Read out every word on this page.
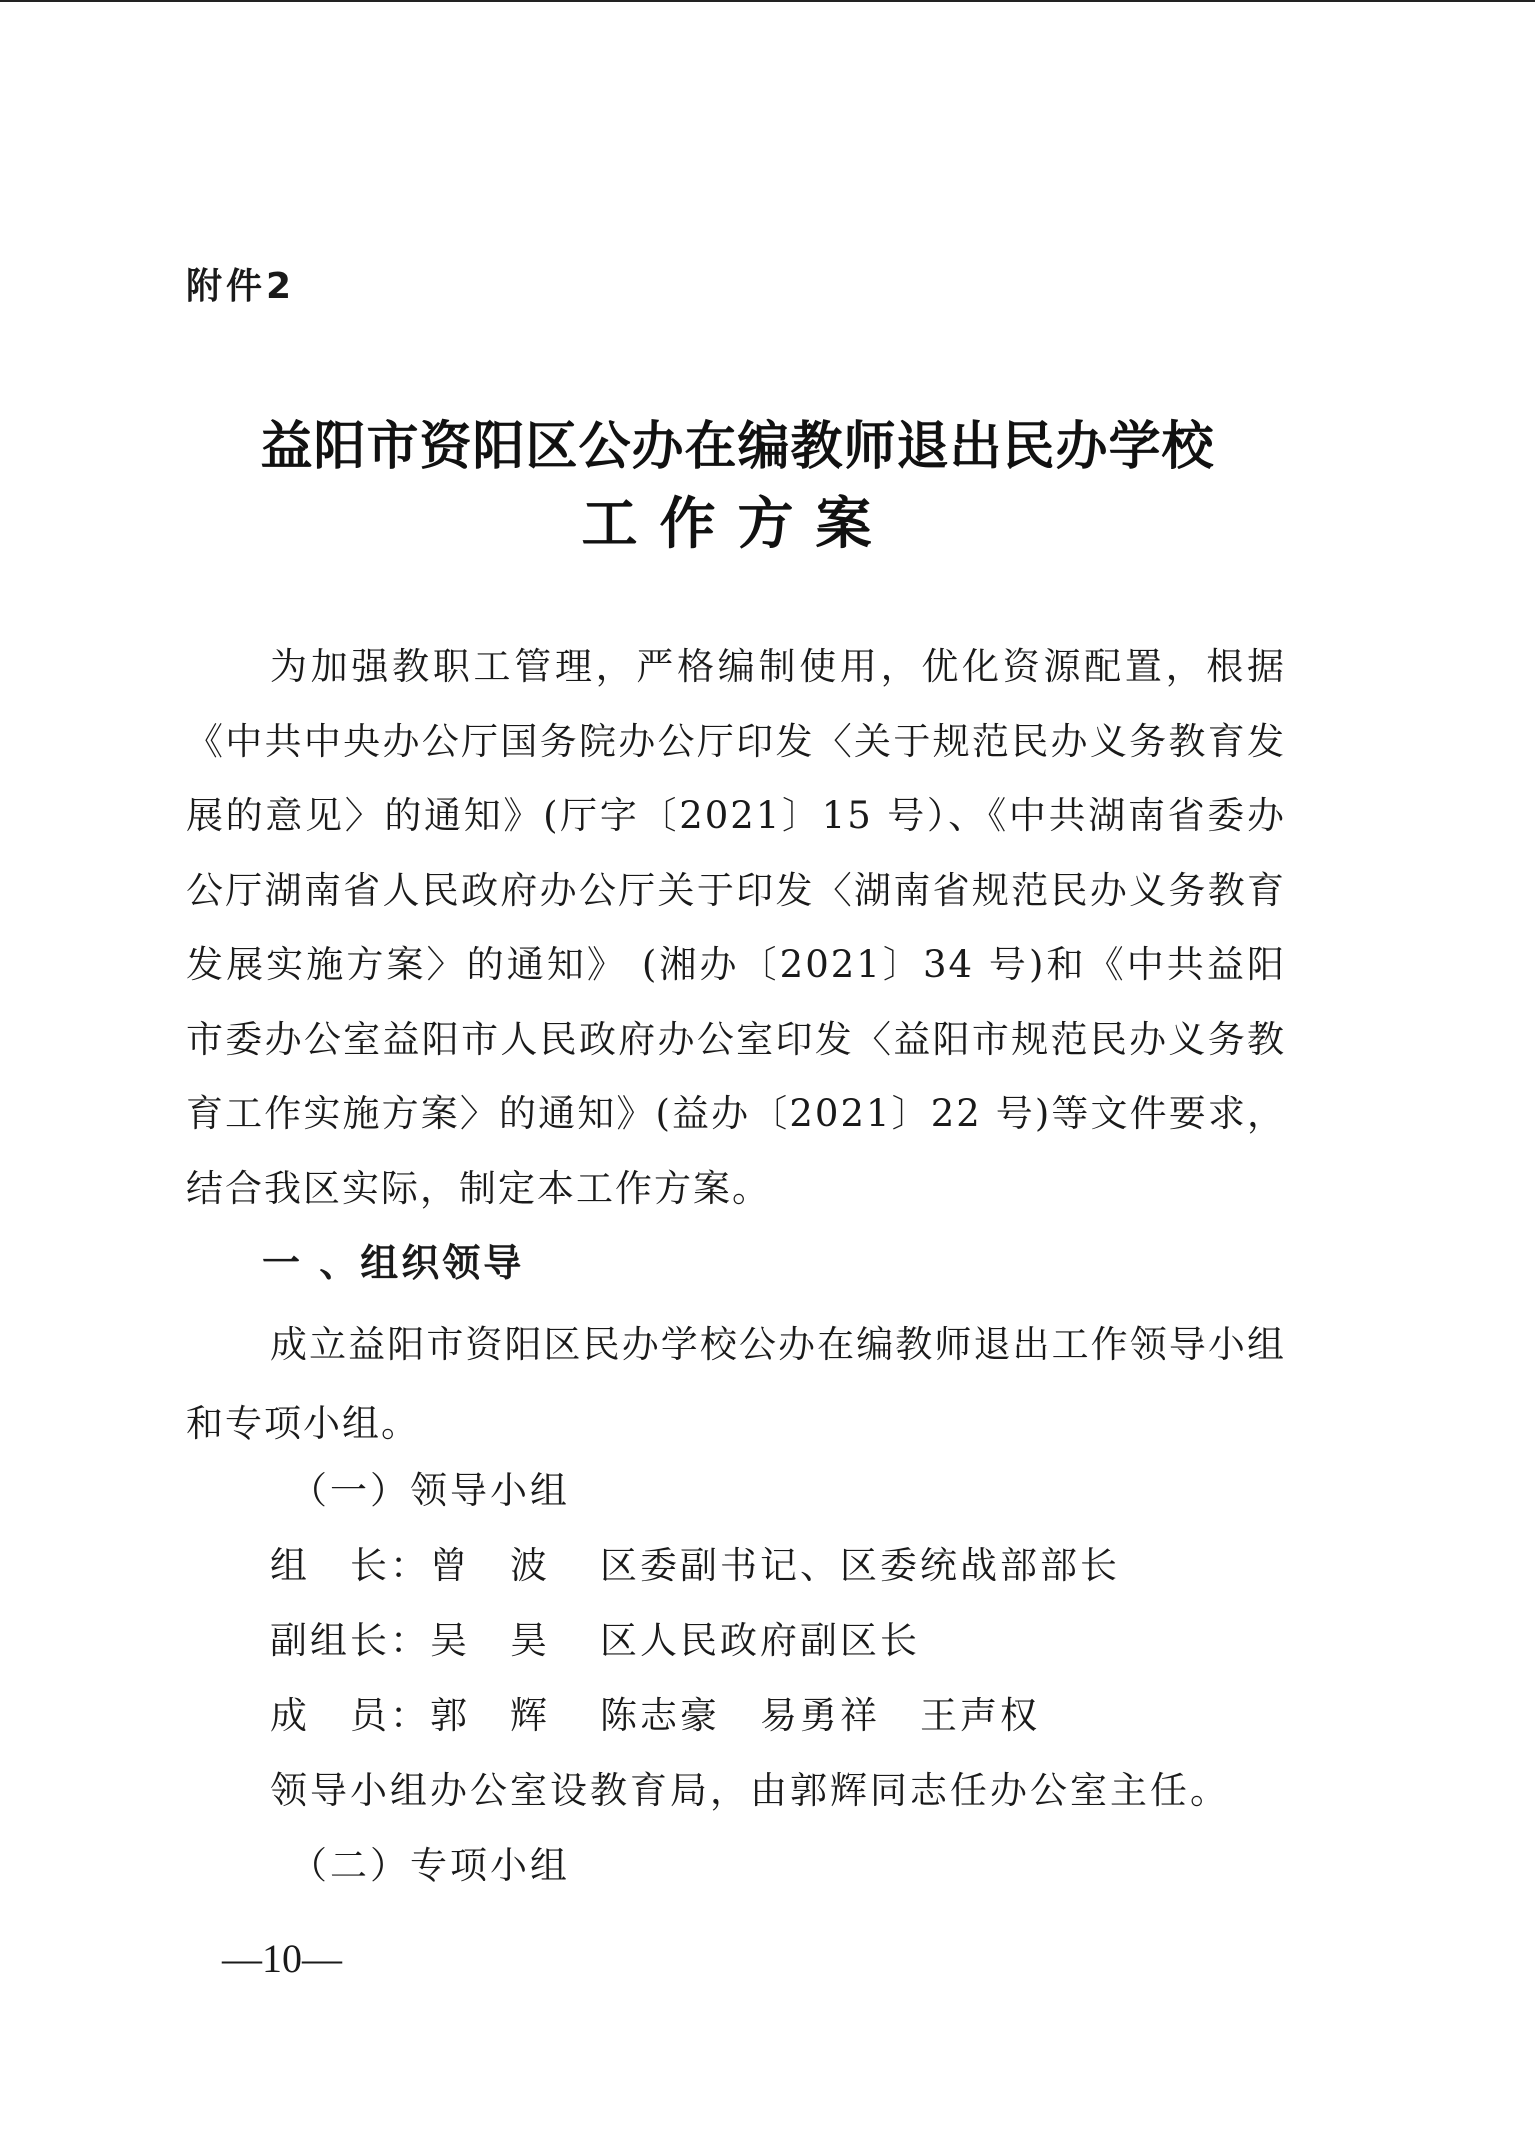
附件2
益阳市资阳区公办在编教师退出民办学校
工作方案

为加强教职工管理，严格编制使用，优化资源配置，根据《中共中央办公厅国务院办公厅印发〈关于规范民办义务教育发展的意见〉的通知》(厅字〔2021〕15 号）、《中共湖南省委办公厅湖南省人民政府办公厅关于印发〈湖南省规范民办义务教育发展实施方案〉的通知》 (湘办〔2021〕34 号)和《中共益阳市委办公室益阳市人民政府办公室印发〈益阳市规范民办义务教育工作实施方案〉的通知》(益办〔2021〕22 号)等文件要求，结合我区实际，制定本工作方案。

一 、组织领导

成立益阳市资阳区民办学校公办在编教师退出工作领导小组和专项小组。

（一）领导小组
组　长：曾　波 区委副书记、区委统战部部长
副组长：吴　昊 区人民政府副区长
成　员：郭　辉 陈志豪 易勇祥 王声权
领导小组办公室设教育局，由郭辉同志任办公室主任。
（二）专项小组
—10—
